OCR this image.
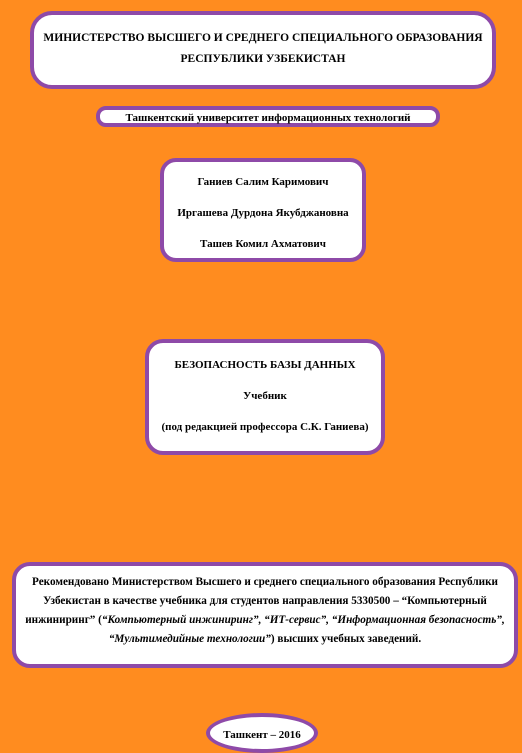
МИНИСТЕРСТВО ВЫСШЕГО И СРЕДНЕГО СПЕЦИАЛЬНОГО ОБРАЗОВАНИЯ
РЕСПУБЛИКИ УЗБЕКИСТАН
Ташкентский университет информационных технологий
Ганиев Салим Каримович
Иргашева Дурдона Якубджановна
Ташев Комил Ахматович
БЕЗОПАСНОСТЬ БАЗЫ ДАННЫХ
Учебник
(под редакцией профессора С.К. Ганиева)
Рекомендовано Министерством Высшего и среднего специального образования Республики Узбекистан в качестве учебника для студентов направления 5330500 – “Компьютерный инжиниринг” (“Компьютерный инжиниринг”, “ИТ-сервис”, “Информационная безопасность”, “Мультимедийные технологии”) высших учебных заведений.
Ташкент – 2016
